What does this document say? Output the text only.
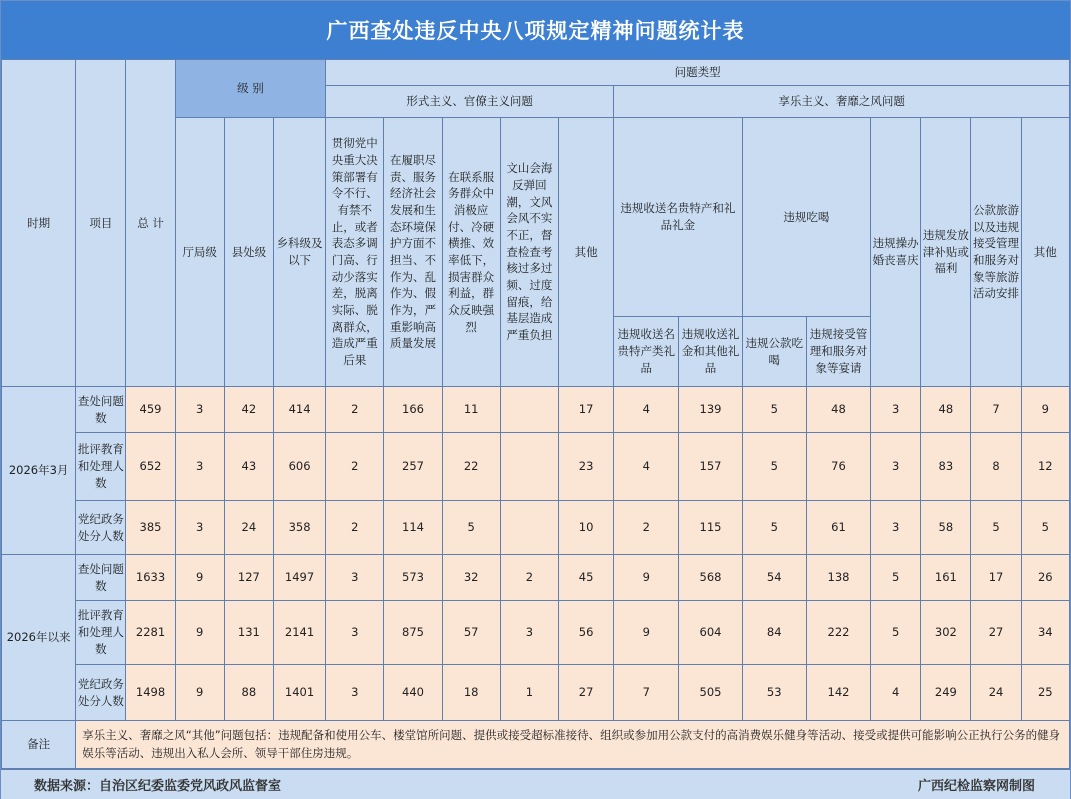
广西查处违反中央八项规定精神问题统计表
时期	项目	总 计	级 别			问题类型												
						形式主义、官僚主义问题					享乐主义、奢靡之风问题							
			厅局级	县处级	乡科级及以下	贯彻党中央重大决策部署有令不行、有禁不止，或者表态多调门高、行动少落实差，脱离实际、脱离群众，造成严重后果	在履职尽责、服务经济社会发展和生态环境保护方面不担当、不作为、乱作为、假作为，严重影响高质量发展	在联系服务群众中消极应付、冷硬横推、效率低下，损害群众利益，群众反映强烈	文山会海反弹回潮，文风会风不实不正，督查检查考核过多过频、过度留痕，给基层造成严重负担	其他	违规收送名贵特产和礼品礼金		违规吃喝		违规操办婚丧喜庆	违规发放津补贴或福利	公款旅游以及违规接受管理和服务对象等旅游活动安排	其他
											违规收送名贵特产类礼品	违规收送礼金和其他礼品	违规公款吃喝	违规接受管理和服务对象等宴请				
2026年3月	查处问题数	459	3	42	414	2	166	11		17	4	139	5	48	3	48	7	9
	批评教育和处理人数	652	3	43	606	2	257	22		23	4	157	5	76	3	83	8	12
	党纪政务处分人数	385	3	24	358	2	114	5		10	2	115	5	61	3	58	5	5
2026年以来	查处问题数	1633	9	127	1497	3	573	32	2	45	9	568	54	138	5	161	17	26
	批评教育和处理人数	2281	9	131	2141	3	875	57	3	56	9	604	84	222	5	302	27	34
	党纪政务处分人数	1498	9	88	1401	3	440	18	1	27	7	505	53	142	4	249	24	25
备注	享乐主义、奢靡之风“其他”问题包括：违规配备和使用公车、楼堂馆所问题、提供或接受超标准接待、组织或参加用公款支付的高消费娱乐健身等活动、接受或提供可能影响公正执行公务的健身娱乐等活动、违规出入私人会所、领导干部住房违规。																	
数据来源：自治区纪委监委党风政风监督室	广西纪检监察网制图
